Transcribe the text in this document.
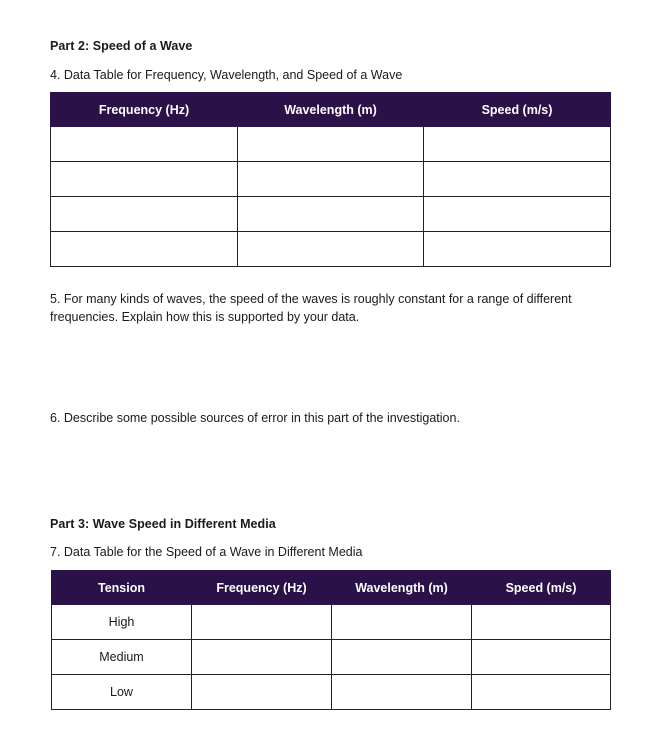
Part 2: Speed of a Wave
4. Data Table for Frequency, Wavelength, and Speed of a Wave
Frequency (Hz)	Wavelength (m)	Speed (m/s)

5. For many kinds of waves, the speed of the waves is roughly constant for a range of different frequencies. Explain how this is supported by your data.
6. Describe some possible sources of error in this part of the investigation.
Part 3: Wave Speed in Different Media
7. Data Table for the Speed of a Wave in Different Media
Tension	Frequency (Hz)	Wavelength (m)	Speed (m/s)
High			
Medium			
Low			
